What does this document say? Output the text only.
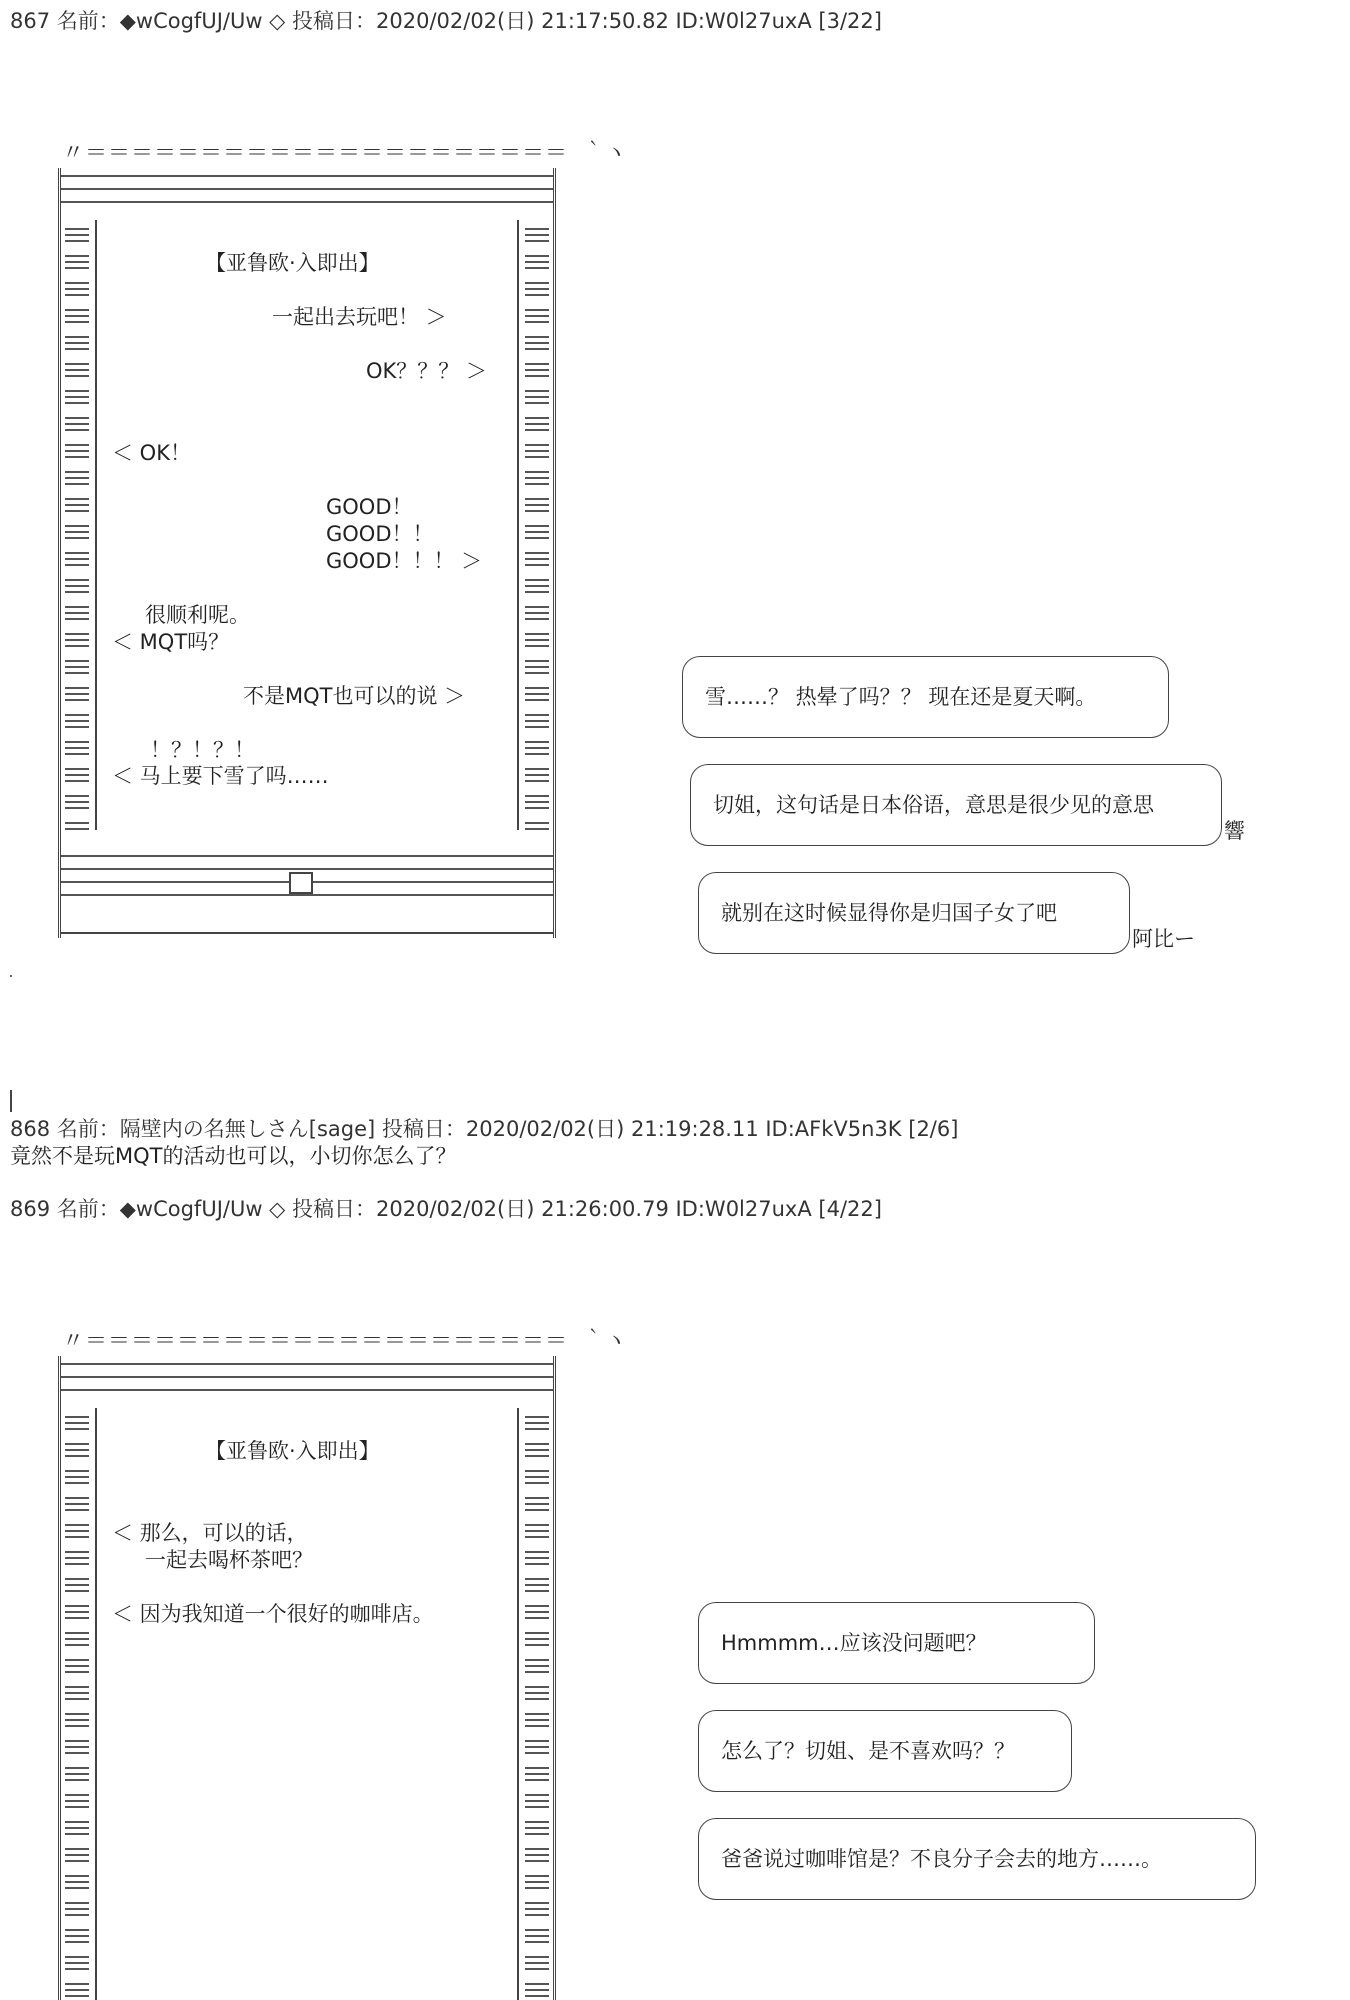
867 名前：◆wCogfUJ/Uw ◇ 投稿日：2020/02/02(日) 21:17:50.82 ID:W0l27uxA [3/22]
〃＝＝＝＝＝＝＝＝＝＝＝＝＝＝＝＝＝＝＝＝＝ ｀ヽ
【亚鲁欧·入即出】
一起出去玩吧！ ＞
OK？？？ ＞
＜ OK！
GOOD！
GOOD！！
GOOD！！！ ＞
很顺利呢。
＜ MQT吗？
不是MQT也可以的说 ＞
！？！？！
＜ 马上要下雪了吗……
雪……？ 热晕了吗？？ 现在还是夏天啊。
切姐，这句话是日本俗语，意思是很少见的意思
響
就别在这时候显得你是归国子女了吧
阿比ー
868 名前：隔壁内の名無しさん[sage] 投稿日：2020/02/02(日) 21:19:28.11 ID:AFkV5n3K [2/6]
竟然不是玩MQT的活动也可以，小切你怎么了？
869 名前：◆wCogfUJ/Uw ◇ 投稿日：2020/02/02(日) 21:26:00.79 ID:W0l27uxA [4/22]
〃＝＝＝＝＝＝＝＝＝＝＝＝＝＝＝＝＝＝＝＝＝ ｀ヽ
【亚鲁欧·入即出】
＜ 那么，可以的话，
一起去喝杯茶吧？
＜ 因为我知道一个很好的咖啡店。
Hmmmm…应该没问题吧？
怎么了？切姐、是不喜欢吗？？
爸爸说过咖啡馆是？不良分子会去的地方……。
